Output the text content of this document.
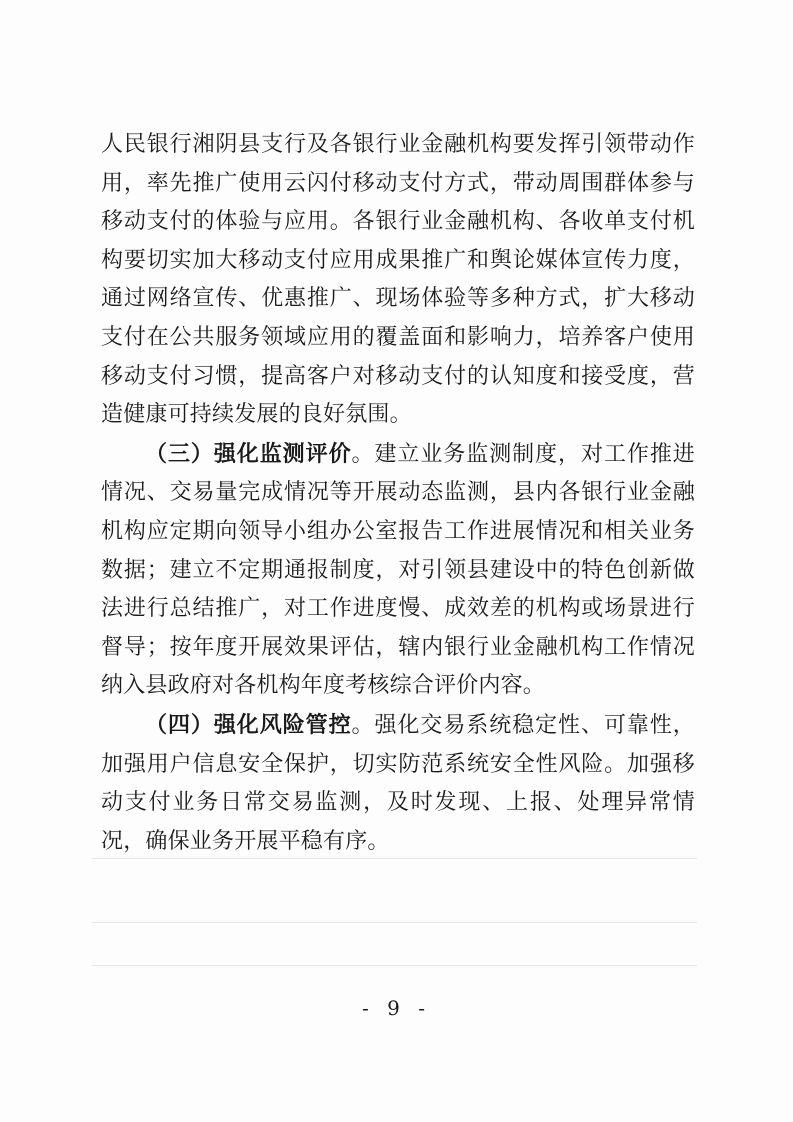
人民银行湘阴县支行及各银行业金融机构要发挥引领带动作用，率先推广使用云闪付移动支付方式，带动周围群体参与移动支付的体验与应用。各银行业金融机构、各收单支付机构要切实加大移动支付应用成果推广和舆论媒体宣传力度，通过网络宣传、优惠推广、现场体验等多种方式，扩大移动支付在公共服务领域应用的覆盖面和影响力，培养客户使用移动支付习惯，提高客户对移动支付的认知度和接受度，营造健康可持续发展的良好氛围。

（三）强化监测评价。建立业务监测制度，对工作推进情况、交易量完成情况等开展动态监测，县内各银行业金融机构应定期向领导小组办公室报告工作进展情况和相关业务数据；建立不定期通报制度，对引领县建设中的特色创新做法进行总结推广，对工作进度慢、成效差的机构或场景进行督导；按年度开展效果评估，辖内银行业金融机构工作情况纳入县政府对各机构年度考核综合评价内容。

（四）强化风险管控。强化交易系统稳定性、可靠性，加强用户信息安全保护，切实防范系统安全性风险。加强移动支付业务日常交易监测，及时发现、上报、处理异常情况，确保业务开展平稳有序。

- 9 -
